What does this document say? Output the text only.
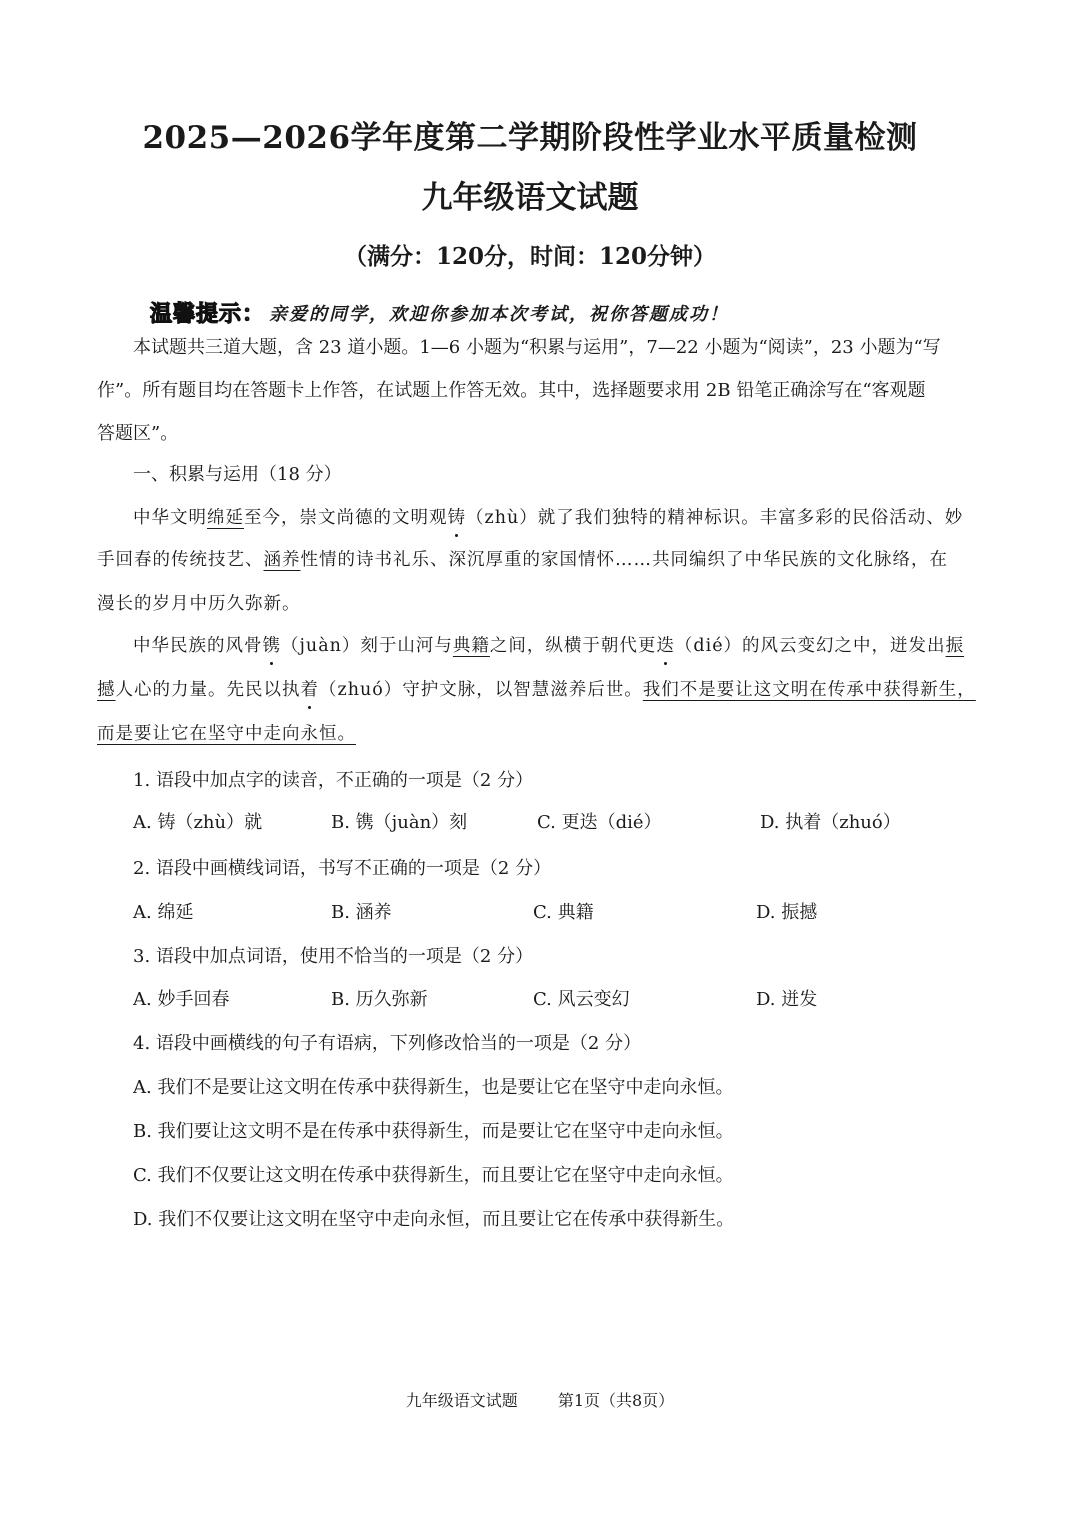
2025—2026学年度第二学期阶段性学业水平质量检测
九年级语文试题
（满分：120分，时间：120分钟）
温馨提示： 亲爱的同学，欢迎你参加本次考试，祝你答题成功！
本试题共三道大题，含 23 道小题。1—6 小题为“积累与运用”，7—22 小题为“阅读”，23 小题为“写
作”。所有题目均在答题卡上作答，在试题上作答无效。其中，选择题要求用 2B 铅笔正确涂写在“客观题
答题区”。
一、积累与运用（18 分）
中华文明绵延至今，崇文尚德的文明观铸（zhù）就了我们独特的精神标识。丰富多彩的民俗活动、妙
手回春的传统技艺、涵养性情的诗书礼乐、深沉厚重的家国情怀……共同编织了中华民族的文化脉络，在
漫长的岁月中历久弥新。
中华民族的风骨镌（juàn）刻于山河与典籍之间，纵横于朝代更迭（dié）的风云变幻之中，迸发出振
撼人心的力量。先民以执着（zhuó）守护文脉，以智慧滋养后世。我们不是要让这文明在传承中获得新生，
而是要让它在坚守中走向永恒。
1. 语段中加点字的读音，不正确的一项是（2 分）
A. 铸（zhù）就	B. 镌（juàn）刻	C. 更迭（dié）	D. 执着（zhuó）
2. 语段中画横线词语，书写不正确的一项是（2 分）
A. 绵延	B. 涵养	C. 典籍	D. 振撼
3. 语段中加点词语，使用不恰当的一项是（2 分）
A. 妙手回春	B. 历久弥新	C. 风云变幻	D. 迸发
4. 语段中画横线的句子有语病，下列修改恰当的一项是（2 分）
A. 我们不是要让这文明在传承中获得新生，也是要让它在坚守中走向永恒。
B. 我们要让这文明不是在传承中获得新生，而是要让它在坚守中走向永恒。
C. 我们不仅要让这文明在传承中获得新生，而且要让它在坚守中走向永恒。
D. 我们不仅要让这文明在坚守中走向永恒，而且要让它在传承中获得新生。
九年级语文试题	第1页（共8页）
